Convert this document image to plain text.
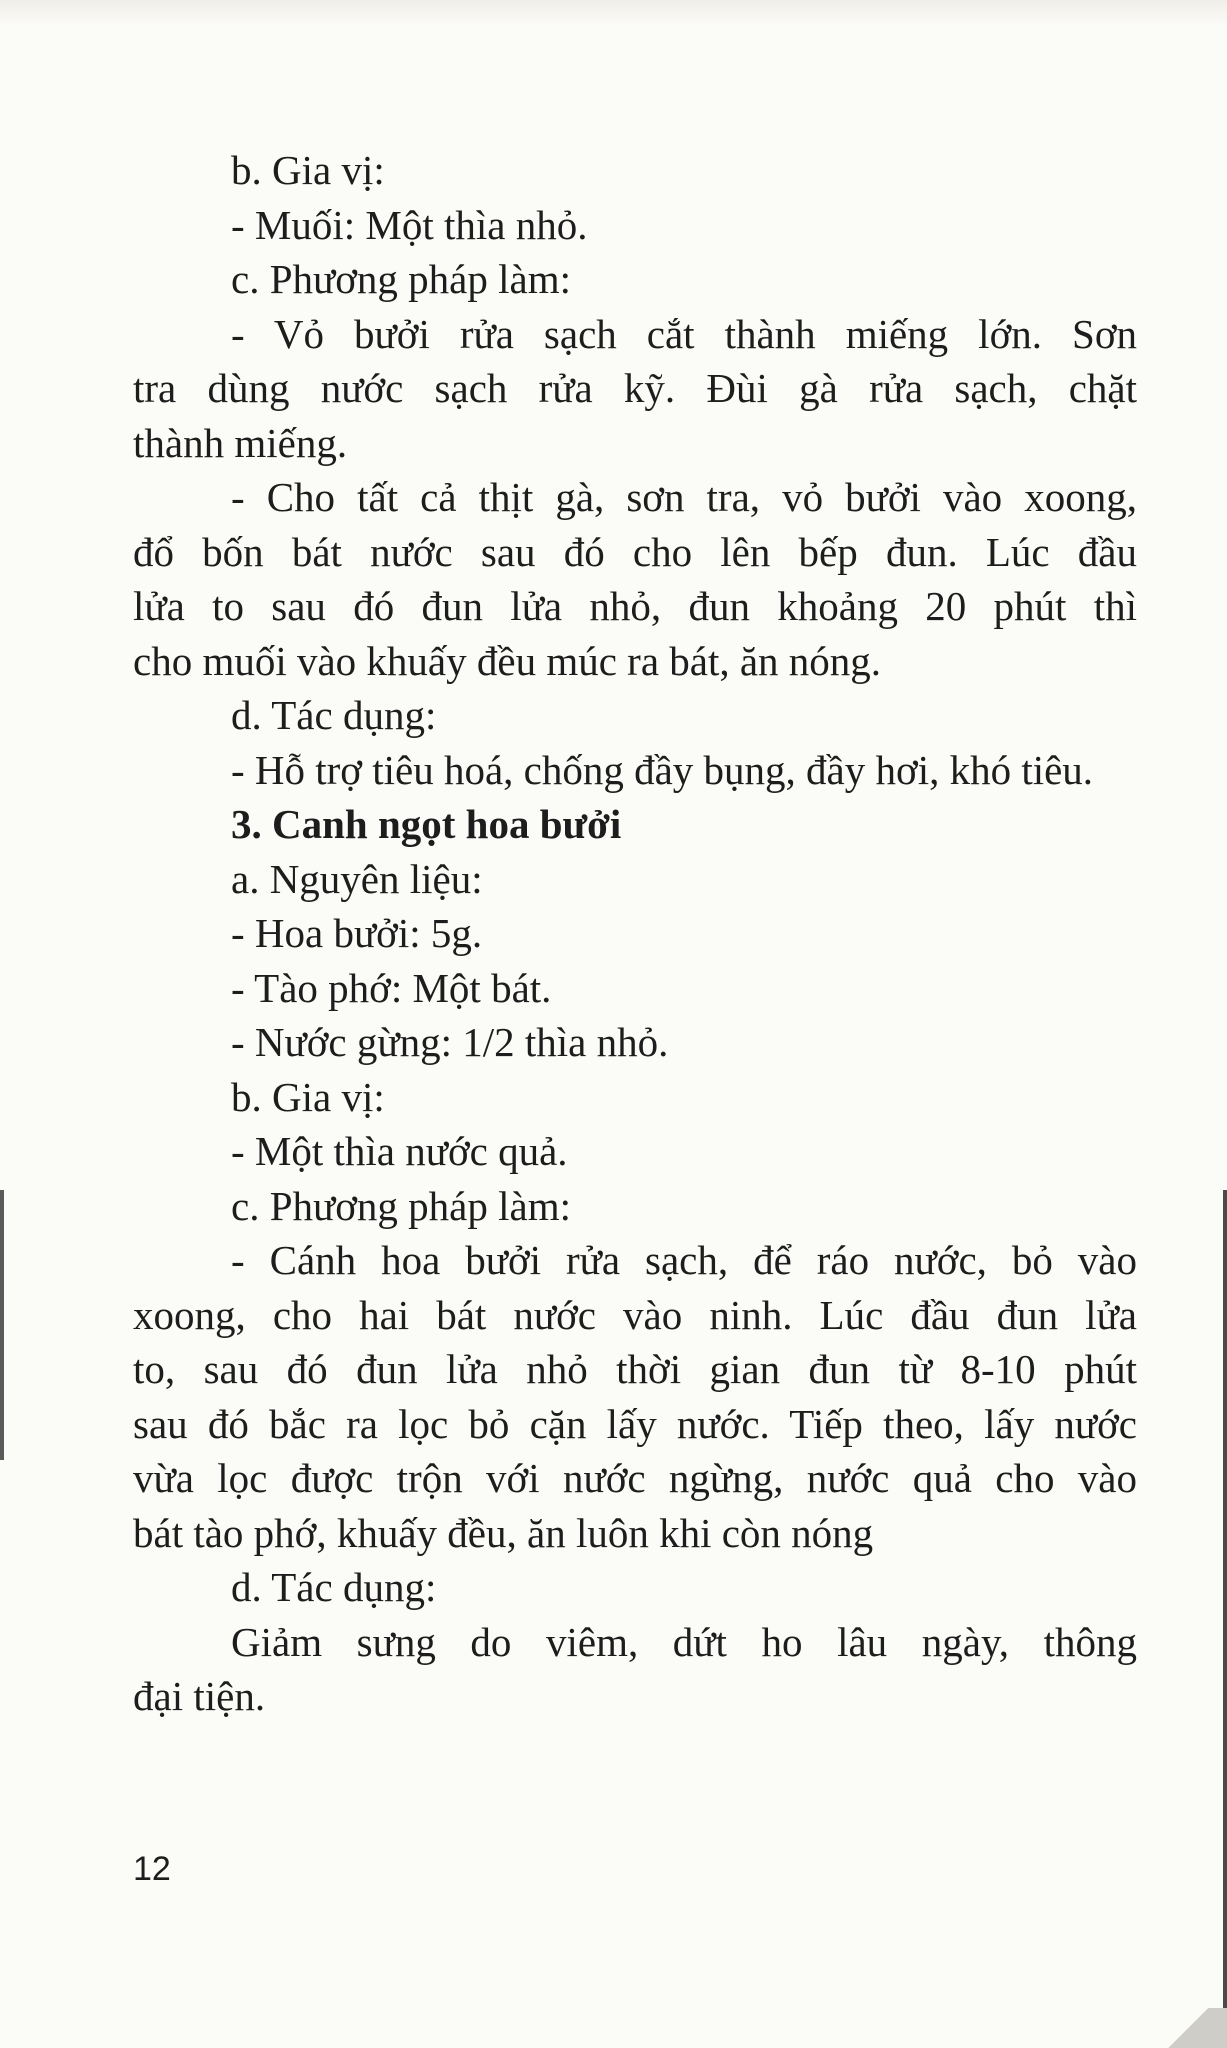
b. Gia vị:
- Muối: Một thìa nhỏ.
c. Phương pháp làm:
- Vỏ bưởi rửa sạch cắt thành miếng lớn. Sơn
tra dùng nước sạch rửa kỹ. Đùi gà rửa sạch, chặt
thành miếng.
- Cho tất cả thịt gà, sơn tra, vỏ bưởi vào xoong,
đổ bốn bát nước sau đó cho lên bếp đun. Lúc đầu
lửa to sau đó đun lửa nhỏ, đun khoảng 20 phút thì
cho muối vào khuấy đều múc ra bát, ăn nóng.
d. Tác dụng:
- Hỗ trợ tiêu hoá, chống đầy bụng, đầy hơi, khó tiêu.
3. Canh ngọt hoa bưởi
a. Nguyên liệu:
- Hoa bưởi: 5g.
- Tào phớ: Một bát.
- Nước gừng: 1/2 thìa nhỏ.
b. Gia vị:
- Một thìa nước quả.
c. Phương pháp làm:
- Cánh hoa bưởi rửa sạch, để ráo nước, bỏ vào
xoong, cho hai bát nước vào ninh. Lúc đầu đun lửa
to, sau đó đun lửa nhỏ thời gian đun từ 8-10 phút
sau đó bắc ra lọc bỏ cặn lấy nước. Tiếp theo, lấy nước
vừa lọc được trộn với nước ngừng, nước quả cho vào
bát tào phớ, khuấy đều, ăn luôn khi còn nóng
d. Tác dụng:
Giảm sưng do viêm, dứt ho lâu ngày, thông
đại tiện.
12
